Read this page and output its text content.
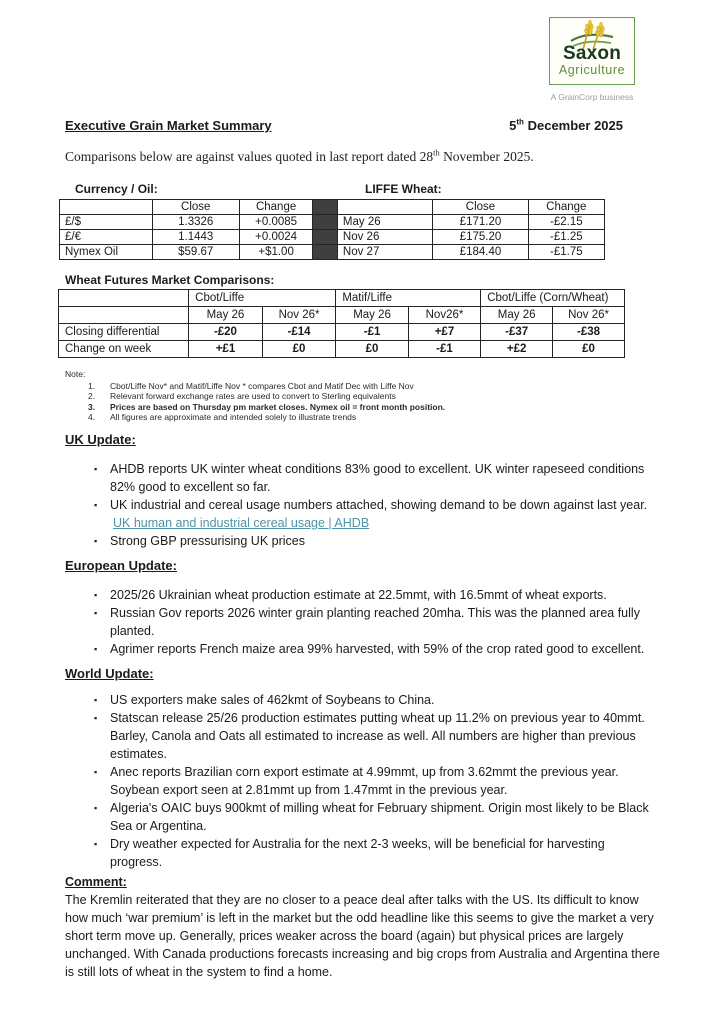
Saxon
Agriculture
A GrainCorp business
Executive Grain Market Summary	5th December 2025

Comparisons below are against values quoted in last report dated 28th November 2025.

Currency / Oil:	LIFFE Wheat:
	Close	Change			Close	Change
£/$	1.3326	+0.0085		May 26	£171.20	-£2.15
£/€	1.1443	+0.0024		Nov 26	£175.20	-£1.25
Nymex Oil	$59.67	+$1.00		Nov 27	£184.40	-£1.75
Wheat Futures Market Comparisons:
	Cbot/Liffe		Matif/Liffe		Cbot/Liffe (Corn/Wheat)	
	May 26	Nov 26*	May 26	Nov26*	May 26	Nov 26*
Closing differential	-£20	-£14	-£1	+£7	-£37	-£38
Change on week	+£1	£0	£0	-£1	+£2	£0
Note:
Cbot/Liffe Nov* and Matif/Liffe Nov * compares Cbot and Matif Dec with Liffe Nov
Relevant forward exchange rates are used to convert to Sterling equivalents
Prices are based on Thursday pm market closes. Nymex oil = front month position.
All figures are approximate and intended solely to illustrate trends
UK Update:
▪ AHDB reports UK winter wheat conditions 83% good to excellent. UK winter rapeseed conditions 82% good to excellent so far.
▪ UK industrial and cereal usage numbers attached, showing demand to be down against last year. UK human and industrial cereal usage | AHDB
▪ Strong GBP pressurising UK prices
European Update:
▪ 2025/26 Ukrainian wheat production estimate at 22.5mmt, with 16.5mmt of wheat exports.
▪ Russian Gov reports 2026 winter grain planting reached 20mha. This was the planned area fully planted.
▪ Agrimer reports French maize area 99% harvested, with 59% of the crop rated good to excellent.
World Update:
▪ US exporters make sales of 462kmt of Soybeans to China.
▪ Statscan release 25/26 production estimates putting wheat up 11.2% on previous year to 40mmt. Barley, Canola and Oats all estimated to increase as well. All numbers are higher than previous estimates.
▪ Anec reports Brazilian corn export estimate at 4.99mmt, up from 3.62mmt the previous year. Soybean export seen at 2.81mmt up from 1.47mmt in the previous year.
▪ Algeria's OAIC buys 900kmt of milling wheat for February shipment. Origin most likely to be Black Sea or Argentina.
▪ Dry weather expected for Australia for the next 2-3 weeks, will be beneficial for harvesting progress.
Comment:

The Kremlin reiterated that they are no closer to a peace deal after talks with the US. Its difficult to know how much ‘war premium’ is left in the market but the odd headline like this seems to give the market a very short term move up. Generally, prices weaker across the board (again) but physical prices are largely unchanged. With Canada productions forecasts increasing and big crops from Australia and Argentina there is still lots of wheat in the system to find a home.
